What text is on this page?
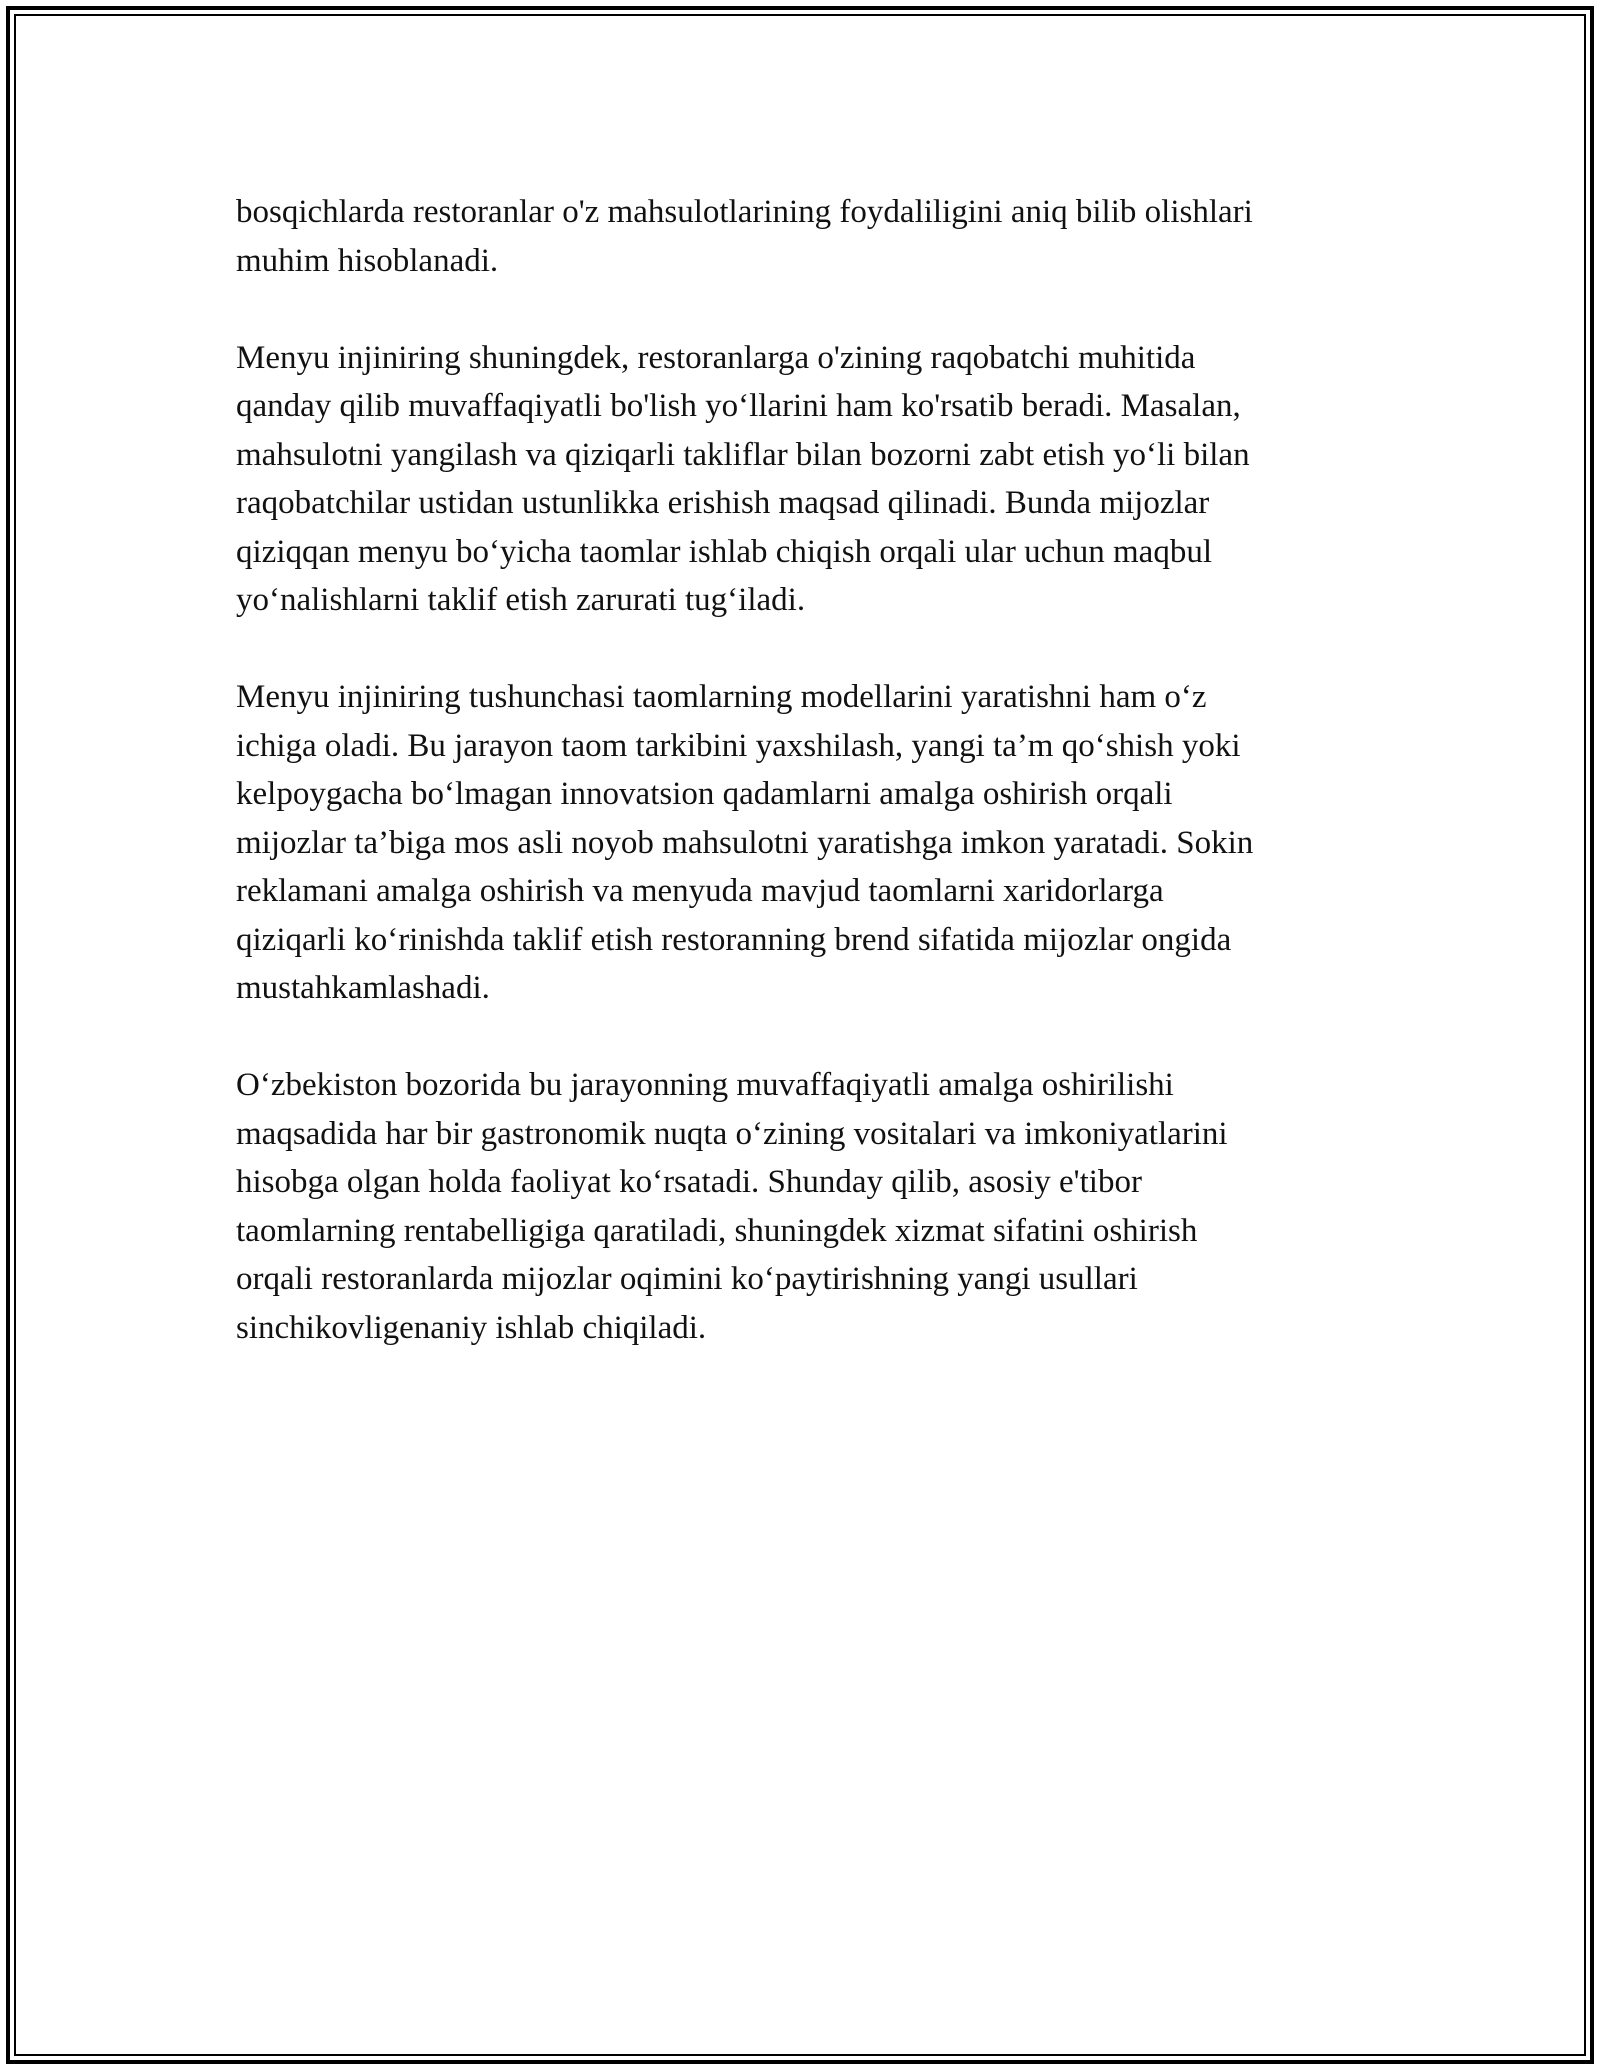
bosqichlarda restoranlar o'z mahsulotlarining foydaliligini aniq bilib olishlari
muhim hisoblanadi.

Menyu injiniring shuningdek, restoranlarga o'zining raqobatchi muhitida
qanday qilib muvaffaqiyatli bo'lish yo‘llarini ham ko'rsatib beradi. Masalan,
mahsulotni yangilash va qiziqarli takliflar bilan bozorni zabt etish yo‘li bilan
raqobatchilar ustidan ustunlikka erishish maqsad qilinadi. Bunda mijozlar
qiziqqan menyu bo‘yicha taomlar ishlab chiqish orqali ular uchun maqbul
yo‘nalishlarni taklif etish zarurati tug‘iladi.

Menyu injiniring tushunchasi taomlarning modellarini yaratishni ham o‘z
ichiga oladi. Bu jarayon taom tarkibini yaxshilash, yangi ta’m qo‘shish yoki
kelpoygacha bo‘lmagan innovatsion qadamlarni amalga oshirish orqali
mijozlar ta’biga mos asli noyob mahsulotni yaratishga imkon yaratadi. Sokin
reklamani amalga oshirish va menyuda mavjud taomlarni xaridorlarga
qiziqarli ko‘rinishda taklif etish restoranning brend sifatida mijozlar ongida
mustahkamlashadi.

O‘zbekiston bozorida bu jarayonning muvaffaqiyatli amalga oshirilishi
maqsadida har bir gastronomik nuqta o‘zining vositalari va imkoniyatlarini
hisobga olgan holda faoliyat ko‘rsatadi. Shunday qilib, asosiy e'tibor
taomlarning rentabelligiga qaratiladi, shuningdek xizmat sifatini oshirish
orqali restoranlarda mijozlar oqimini ko‘paytirishning yangi usullari
sinchikovligenaniy ishlab chiqiladi.
